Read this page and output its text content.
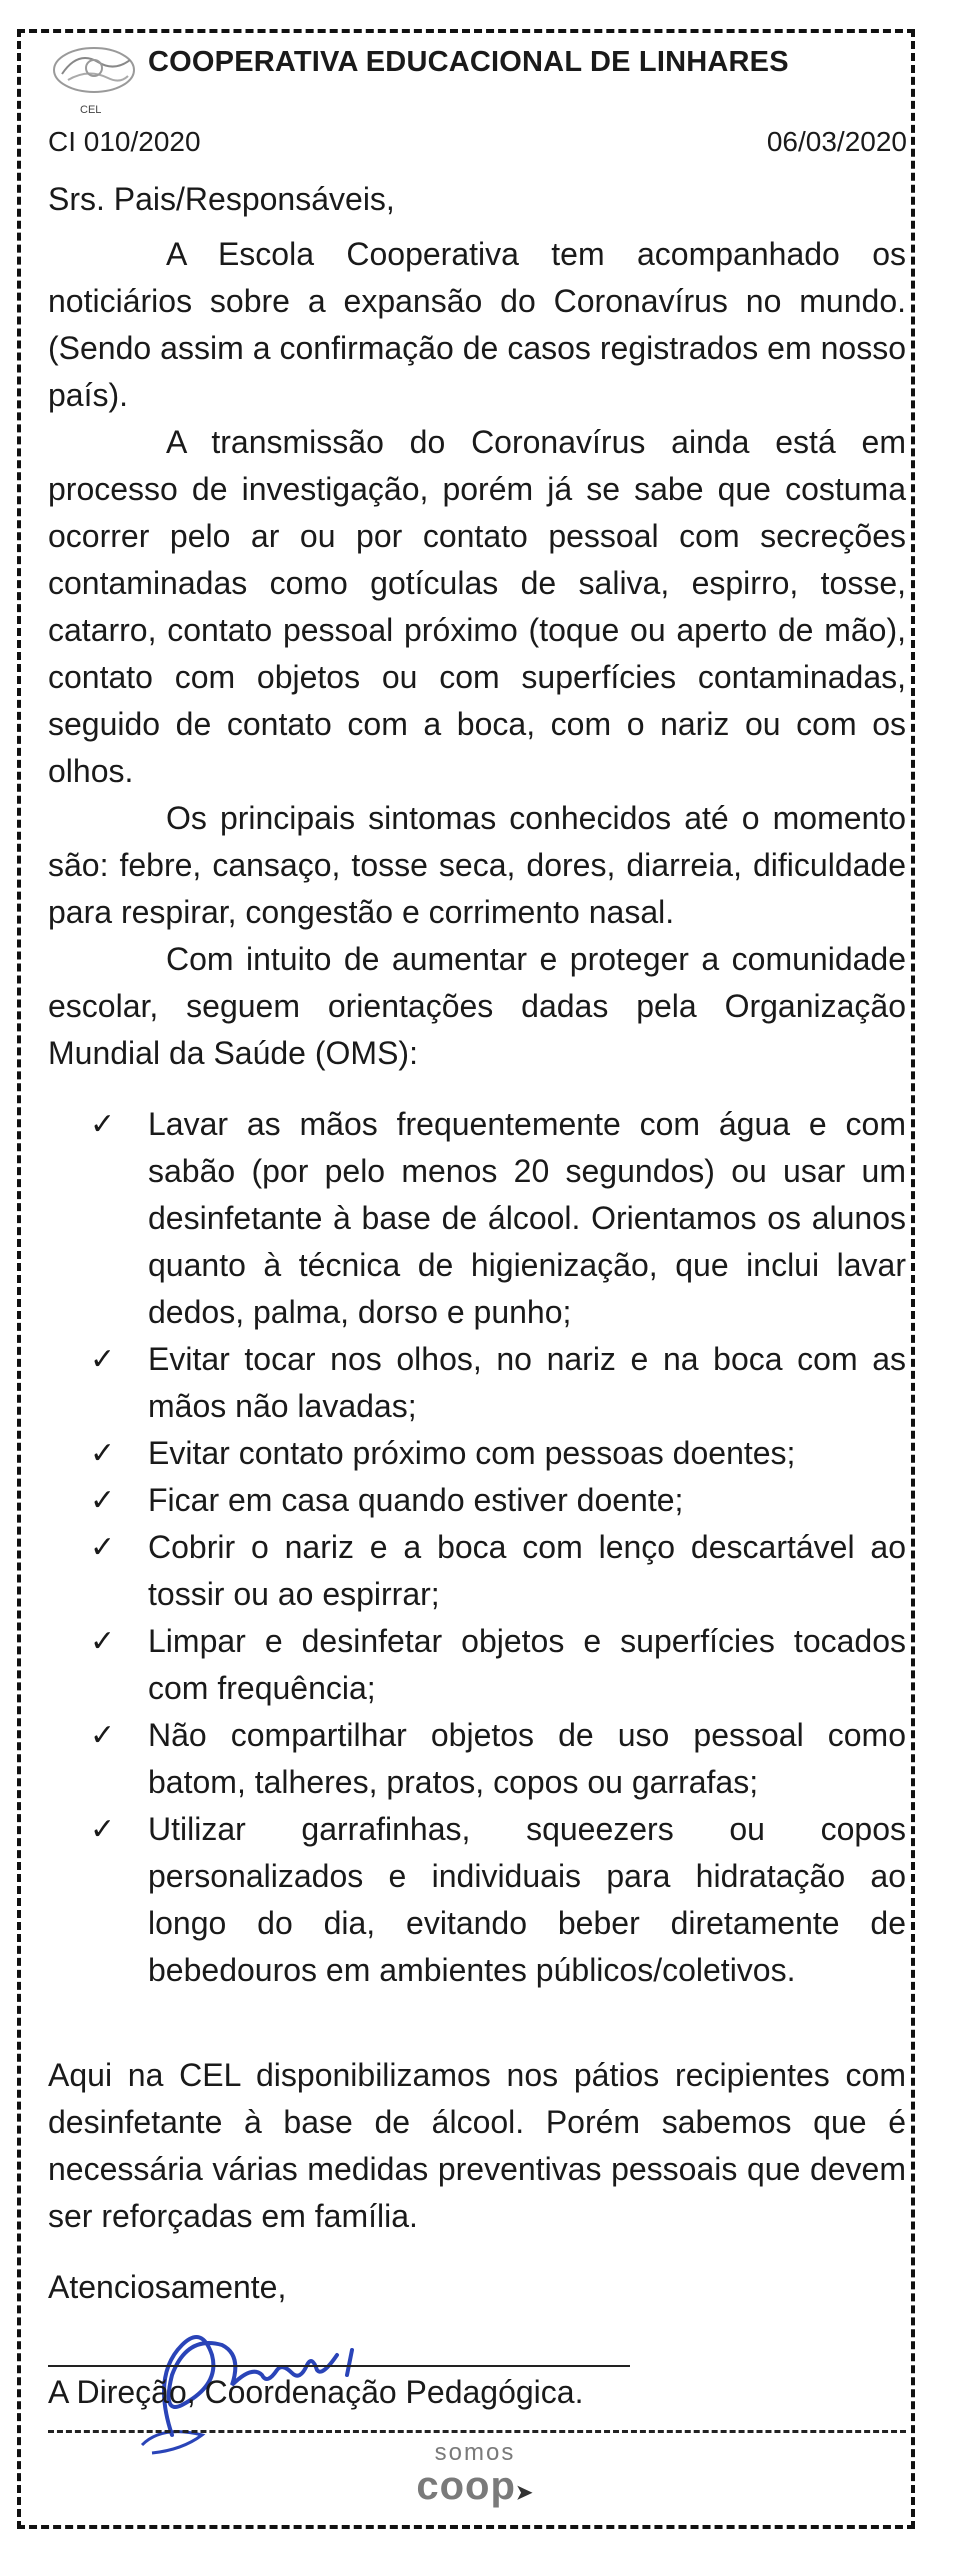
CEL
COOPERATIVA EDUCACIONAL DE LINHARES
CI 010/2020	06/03/2020

Srs. Pais/Responsáveis,

A Escola Cooperativa tem acompanhado os noticiários sobre a expansão do Coronavírus no mundo. (Sendo assim a confirmação de casos registrados em nosso país).

A transmissão do Coronavírus ainda está em processo de investigação, porém já se sabe que costuma ocorrer pelo ar ou por contato pessoal com secreções contaminadas como gotículas de saliva, espirro, tosse, catarro, contato pessoal próximo (toque ou aperto de mão), contato com objetos ou com superfícies contaminadas, seguido de contato com a boca, com o nariz ou com os olhos.

Os principais sintomas conhecidos até o momento são: febre, cansaço, tosse seca, dores, diarreia, dificuldade para respirar, congestão e corrimento nasal.

Com intuito de aumentar e proteger a comunidade escolar, seguem orientações dadas pela Organização Mundial da Saúde (OMS):

✓ Lavar as mãos frequentemente com água e com sabão (por pelo menos 20 segundos) ou usar um desinfetante à base de álcool. Orientamos os alunos quanto à técnica de higienização, que inclui lavar dedos, palma, dorso e punho;
✓ Evitar tocar nos olhos, no nariz e na boca com as mãos não lavadas;
✓ Evitar contato próximo com pessoas doentes;
✓ Ficar em casa quando estiver doente;
✓ Cobrir o nariz e a boca com lenço descartável ao tossir ou ao espirrar;
✓ Limpar e desinfetar objetos e superfícies tocados com frequência;
✓ Não compartilhar objetos de uso pessoal como batom, talheres, pratos, copos ou garrafas;
✓ Utilizar garrafinhas, squeezers ou copos personalizados e individuais para hidratação ao longo do dia, evitando beber diretamente de bebedouros em ambientes públicos/coletivos.

Aqui na CEL disponibilizamos nos pátios recipientes com desinfetante à base de álcool. Porém sabemos que é necessária várias medidas preventivas pessoais que devem ser reforçadas em família.

Atenciosamente,

A Direção, Coordenação Pedagógica.
somos
coop➤
